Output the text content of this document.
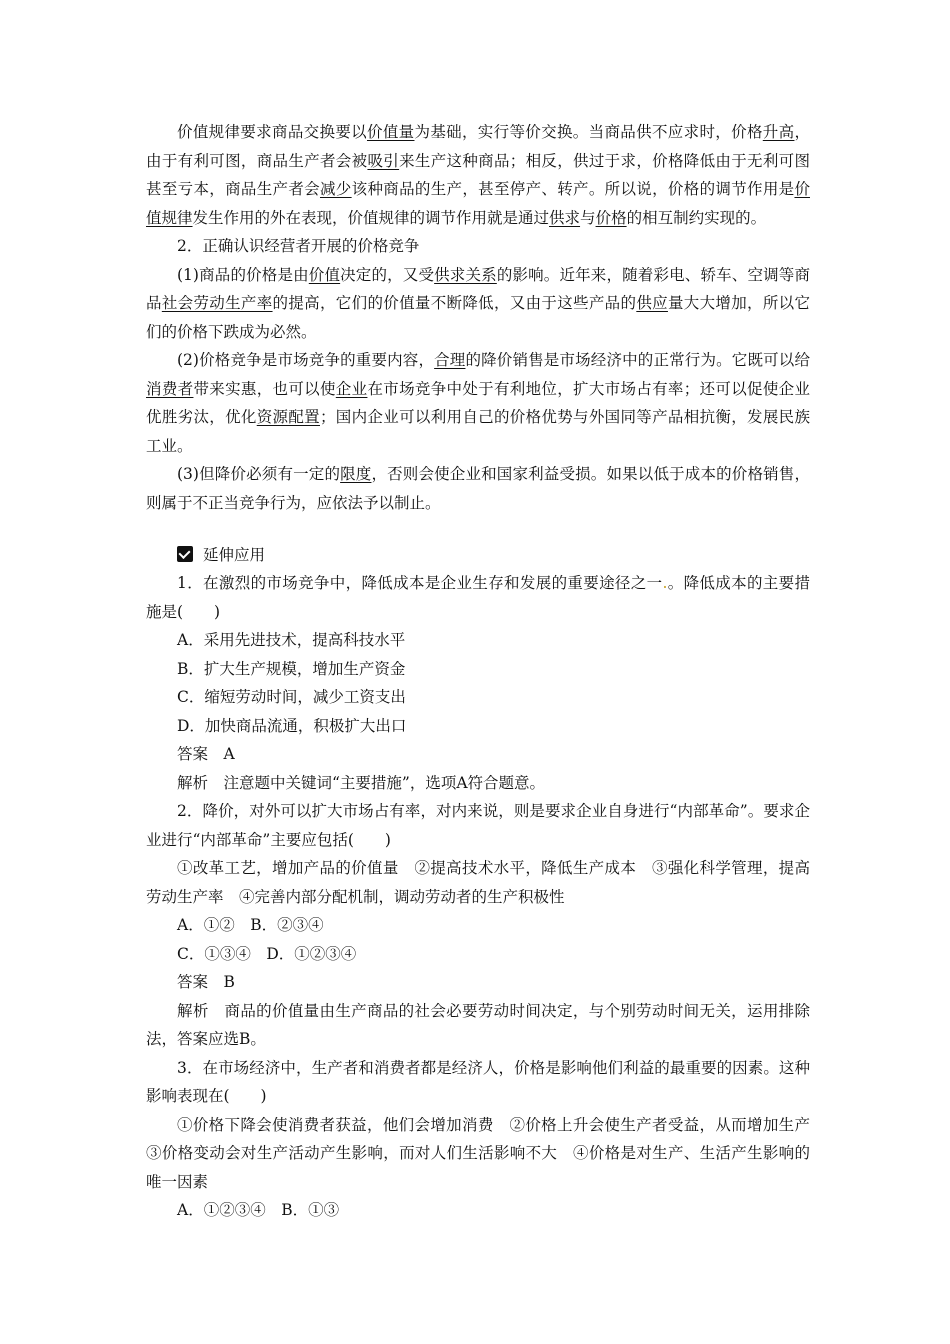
价值规律要求商品交换要以价值量为基础，实行等价交换。当商品供不应求时，价格升高，由于有利可图，商品生产者会被吸引来生产这种商品；相反，供过于求，价格降低由于无利可图甚至亏本，商品生产者会减少该种商品的生产，甚至停产、转产。所以说，价格的调节作用是价值规律发生作用的外在表现，价值规律的调节作用就是通过供求与价格的相互制约实现的。

2．正确认识经营者开展的价格竞争

(1)商品的价格是由价值决定的，又受供求关系的影响。近年来，随着彩电、轿车、空调等商品社会劳动生产率的提高，它们的价值量不断降低，又由于这些产品的供应量大大增加，所以它们的价格下跌成为必然。

(2)价格竞争是市场竞争的重要内容，合理的降价销售是市场经济中的正常行为。它既可以给消费者带来实惠，也可以使企业在市场竞争中处于有利地位，扩大市场占有率；还可以促使企业优胜劣汰，优化资源配置；国内企业可以利用自己的价格优势与外国同等产品相抗衡，发展民族工业。

(3)但降价必须有一定的限度，否则会使企业和国家利益受损。如果以低于成本的价格销售，则属于不正当竞争行为，应依法予以制止。

延伸应用

1．在激烈的市场竞争中，降低成本是企业生存和发展的重要途径之一.。降低成本的主要措施是(　　)

A．采用先进技术，提高科技水平

B．扩大生产规模，增加生产资金

C．缩短劳动时间，减少工资支出

D．加快商品流通，积极扩大出口

答案　A

解析　注意题中关键词“主要措施”，选项A符合题意。

2．降价，对外可以扩大市场占有率，对内来说，则是要求企业自身进行“内部革命”。要求企业进行“内部革命”主要应包括(　　)

①改革工艺，增加产品的价值量　②提高技术水平，降低生产成本　③强化科学管理，提高劳动生产率　④完善内部分配机制，调动劳动者的生产积极性

A．①②　B．②③④

C．①③④　D．①②③④

答案　B

解析　商品的价值量由生产商品的社会必要劳动时间决定，与个别劳动时间无关，运用排除法，答案应选B。

3．在市场经济中，生产者和消费者都是经济人，价格是影响他们利益的最重要的因素。这种影响表现在(　　)

①价格下降会使消费者获益，他们会增加消费　②价格上升会使生产者受益，从而增加生产　③价格变动会对生产活动产生影响，而对人们生活影响不大　④价格是对生产、生活产生影响的唯一因素

A．①②③④　B．①③
